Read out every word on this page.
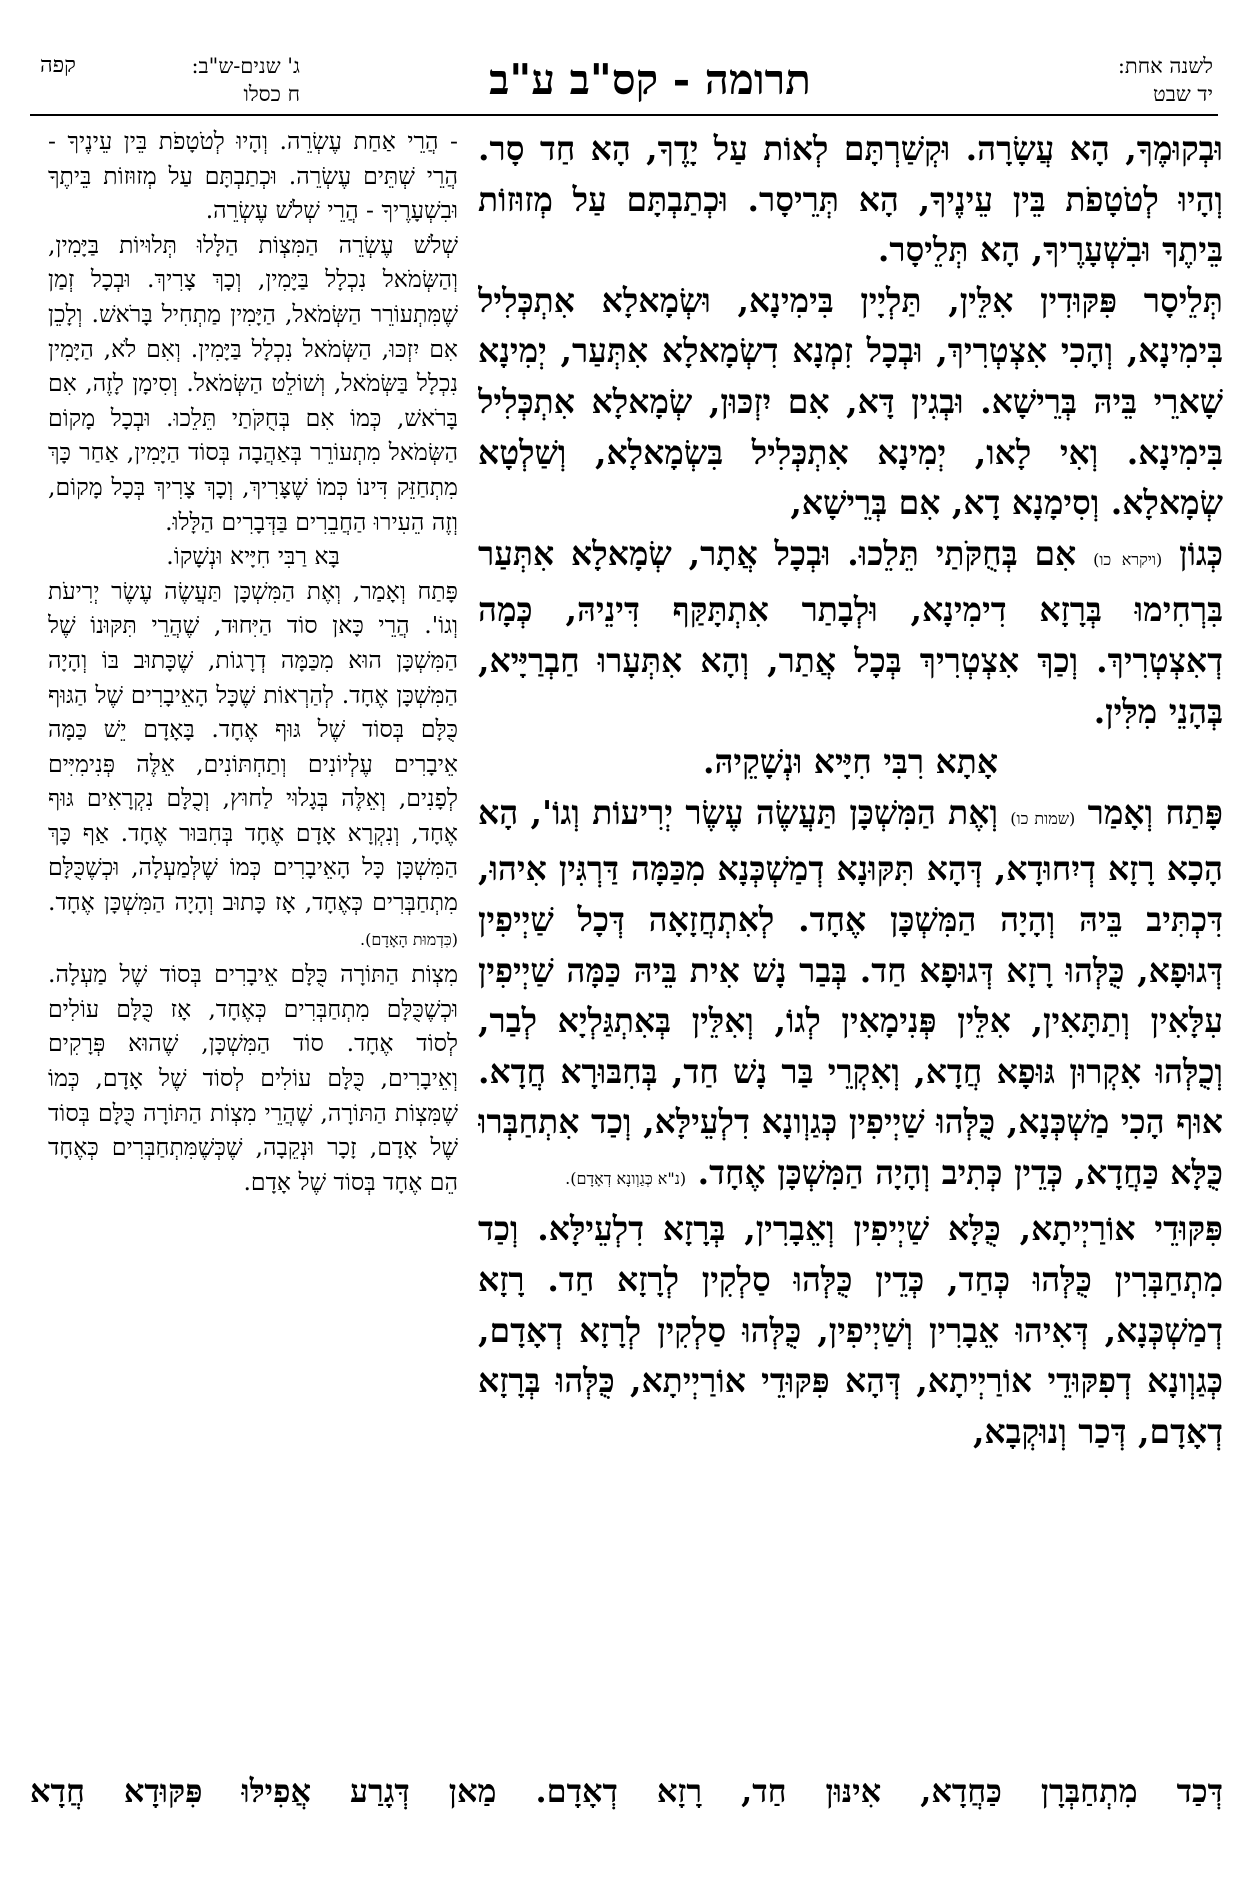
לשנה אחת:
יד שבט
תרומה - קס"ב ע"ב
ג' שנים-ש"ב:
ח כסלו
קפה

וּבְקוּמֶךָ, הָא עֲשָׂרָה. וּקְשַׁרְתָּם לְאוֹת עַל יָדֶךָ, הָא חַד סָר. וְהָיוּ לְטֹטָפֹת בֵּין עֵינֶיךָ, הָא תְּרֵיסָר. וּכְתַבְתָּם עַל מְזוּזוֹת בֵּיתֶךָ וּבִשְׁעָרֶיךָ, הָא תְּלֵיסָר.

תְּלֵיסָר פִּקּוּדִין אִלֵּין, תַּלְיָין בִּימִינָא, וּשְׂמָאלָא אִתְכְּלִיל בִּימִינָא, וְהָכִי אִצְטְרִיךְ, וּבְכָל זִמְנָא דִשְׂמָאלָא אִתְּעַר, יְמִינָא שָׁארֵי בֵּיהּ בְּרֵישָׁא. וּבְגִין דָּא, אִם יִזְכּוּן, שְׂמָאלָא אִתְכְּלִיל בִּימִינָא. וְאִי לָאו, יְמִינָא אִתְכְּלִיל בִּשְׂמָאלָא, וְשַׁלְטָא שְׂמָאלָא. וְסִימָנָא דָא, אִם בְּרֵישָׁא,

כְּגוֹן (ויקרא כו) אִם בְּחֻקֹּתַי תֵּלֵכוּ. וּבְכָל אֲתָר, שְׂמָאלָא אִתְּעַר בִּרְחִימוּ בְּרָזָא דִימִינָא, וּלְבָתַר אִתְתָּקַּף דִּינֵיהּ, כְּמָה דְאִצְטְרִיךְ. וְכַךְ אִצְטְרִיךְ בְּכָל אֲתַר, וְהָא אִתְּעָרוּ חַבְרַיָּיא, בְּהָנֵי מִלִּין.

אָתָא רִבִּי חִיָּיא וּנְשָׁקֵיהּ.

פָּתַח וְאָמַר (שמות כו) וְאֶת הַמִּשְׁכָּן תַּעֲשֶׂה עֶשֶׂר יְרִיעוֹת וְגוֹ', הָא הָכָא רָזָא דְיִחוּדָא, דְּהָא תִּקּוּנָא דְמַשְׁכְּנָא מִכַּמָּה דַּרְגִּין אִיהוּ, דִּכְתִּיב בֵּיהּ וְהָיָה הַמִּשְׁכָּן אֶחָד. לְאִתְחֲזָאָה דְּכָל שַׁיְיפִין דְּגוּפָא, כֻּלְּהוּ רָזָא דְּגוּפָא חַד. בְּבַר נָשׁ אִית בֵּיהּ כַּמָּה שַׁיְיפִין עִלָּאִין וְתַתָּאִין, אִלֵּין פְּנִימָאִין לְגוֹ, וְאִלֵּין בְּאִתְגַּלְיָא לְבַר, וְכֻלְּהוּ אִקְרוּן גּוּפָא חֲדָא, וְאִקְרֵי בַּר נָשׁ חַד, בְּחִבּוּרָא חֲדָא. אוּף הָכִי מַשְׁכְּנָא, כֻּלְּהוּ שַׁיְיפִין כְּגַוְונָא דִלְעֵילָּא, וְכַד אִתְחַבְּרוּ כֻּלָּא כַּחֲדָא, כְּדֵין כְּתִיב וְהָיָה הַמִּשְׁכָּן אֶחָד. (נ"א כְּגַוְונָא דְאָדָם).

פִּקּוּדֵי אוֹרַיְיתָא, כֻּלָּא שַׁיְיפִין וְאֵבָרִין, בְּרָזָא דִלְעֵילָּא. וְכַד מִתְחַבְּרִין כֻּלְּהוּ כְּחַד, כְּדֵין כֻּלְּהוּ סַלְקִין לְרָזָא חַד. רָזָא דְמַשְׁכְּנָא, דְּאִיהוּ אֵבָרִין וְשַׁיְיפִין, כֻּלְּהוּ סַלְקִין לְרָזָא דְאָדָם, כְּגַוְונָא דְפִקּוּדֵי אוֹרַיְיתָא, דְּהָא פִּקּוּדֵי אוֹרַיְיתָא, כֻּלְּהוּ בְּרָזָא דְאָדָם, דְּכַר וְנוּקְבָא,

- הֲרֵי אַחַת עֶשְׂרֵה. וְהָיוּ לְטֹטָפֹת בֵּין עֵינֶיךָ - הֲרֵי שְׁתֵּים עֶשְׂרֵה. וּכְתַבְתָּם עַל מְזוּזוֹת בֵּיתֶךָ וּבִשְׁעָרֶיךָ - הֲרֵי שְׁלֹשׁ עֶשְׂרֵה.

שְׁלֹשׁ עֶשְׂרֵה הַמִּצְוֹת הַלָּלוּ תְּלוּיוֹת בַּיָּמִין, וְהַשְּׂמֹאל נִכְלָל בַּיָּמִין, וְכָךְ צָרִיךְ. וּבְכָל זְמַן שֶׁמִּתְעוֹרֵר הַשְּׂמֹאל, הַיָּמִין מַתְחִיל בָּרֹאשׁ. וְלָכֵן אִם יִזְכּוּ, הַשְּׂמֹאל נִכְלָל בַּיָּמִין. וְאִם לֹא, הַיָּמִין נִכְלָל בַּשְּׂמֹאל, וְשׁוֹלֵט הַשְּׂמֹאל. וְסִימָן לָזֶה, אִם בָּרֹאשׁ, כְּמוֹ אִם בְּחֻקֹּתַי תֵּלֵכוּ. וּבְכָל מָקוֹם הַשְּׂמֹאל מִתְעוֹרֵר בְּאַהֲבָה בְּסוֹד הַיָּמִין, אַחַר כָּךְ מִתְחַזֵּק דִּינוֹ כְּמוֹ שֶׁצָּרִיךְ, וְכָךְ צָרִיךְ בְּכָל מָקוֹם, וְזֶה הֵעִירוּ הַחֲבֵרִים בַּדְּבָרִים הַלָּלוּ.

בָּא רַבִּי חִיָּיא וּנְשָׁקוֹ.

פָּתַח וְאָמַר, וְאֶת הַמִּשְׁכָּן תַּעֲשֶׂה עֶשֶׂר יְרִיעֹת וְגוֹ'. הֲרֵי כָּאן סוֹד הַיִּחוּד, שֶׁהֲרֵי תִּקּוּנוֹ שֶׁל הַמִּשְׁכָּן הוּא מִכַּמָּה דְרָגוֹת, שֶׁכָּתוּב בּוֹ וְהָיָה הַמִּשְׁכָּן אֶחָד. לְהַרְאוֹת שֶׁכָּל הָאֵיבָרִים שֶׁל הַגּוּף כֻּלָּם בְּסוֹד שֶׁל גּוּף אֶחָד. בָּאָדָם יֵשׁ כַּמָּה אֵיבָרִים עֶלְיוֹנִים וְתַחְתּוֹנִים, אֵלֶּה פְּנִימִיִּים לְפָנִים, וְאֵלֶּה בְּגָלוּי לַחוּץ, וְכֻלָּם נִקְרָאִים גּוּף אֶחָד, וְנִקְרָא אָדָם אֶחָד בְּחִבּוּר אֶחָד. אַף כָּךְ הַמִּשְׁכָּן כָּל הָאֵיבָרִים כְּמוֹ שֶׁלְּמַעְלָה, וּכְשֶׁכֻּלָּם מִתְחַבְּרִים כְּאֶחָד, אָז כָּתוּב וְהָיָה הַמִּשְׁכָּן אֶחָד. (כִּדְמוּת הָאָדָם).

מִצְוֹת הַתּוֹרָה כֻּלָּם אֵיבָרִים בְּסוֹד שֶׁל מַעְלָה. וּכְשֶׁכֻּלָּם מִתְחַבְּרִים כְּאֶחָד, אָז כֻּלָּם עוֹלִים לְסוֹד אֶחָד. סוֹד הַמִּשְׁכָּן, שֶׁהוּא פְּרָקִים וְאֵיבָרִים, כֻּלָּם עוֹלִים לְסוֹד שֶׁל אָדָם, כְּמוֹ שֶׁמִּצְוֹת הַתּוֹרָה, שֶׁהֲרֵי מִצְוֹת הַתּוֹרָה כֻּלָּם בְּסוֹד שֶׁל אָדָם, זָכָר וּנְקֵבָה, שֶׁכְּשֶׁמִּתְחַבְּרִים כְּאֶחָד הֵם אֶחָד בְּסוֹד שֶׁל אָדָם.

דְּכַד מִתְחַבְּרָן כַּחֲדָא, אִינּוּן חַד, רָזָא דְאָדָם. מַאן דְּגָרַע אֲפִילּוּ פִּקּוּדָא חֲדָא
